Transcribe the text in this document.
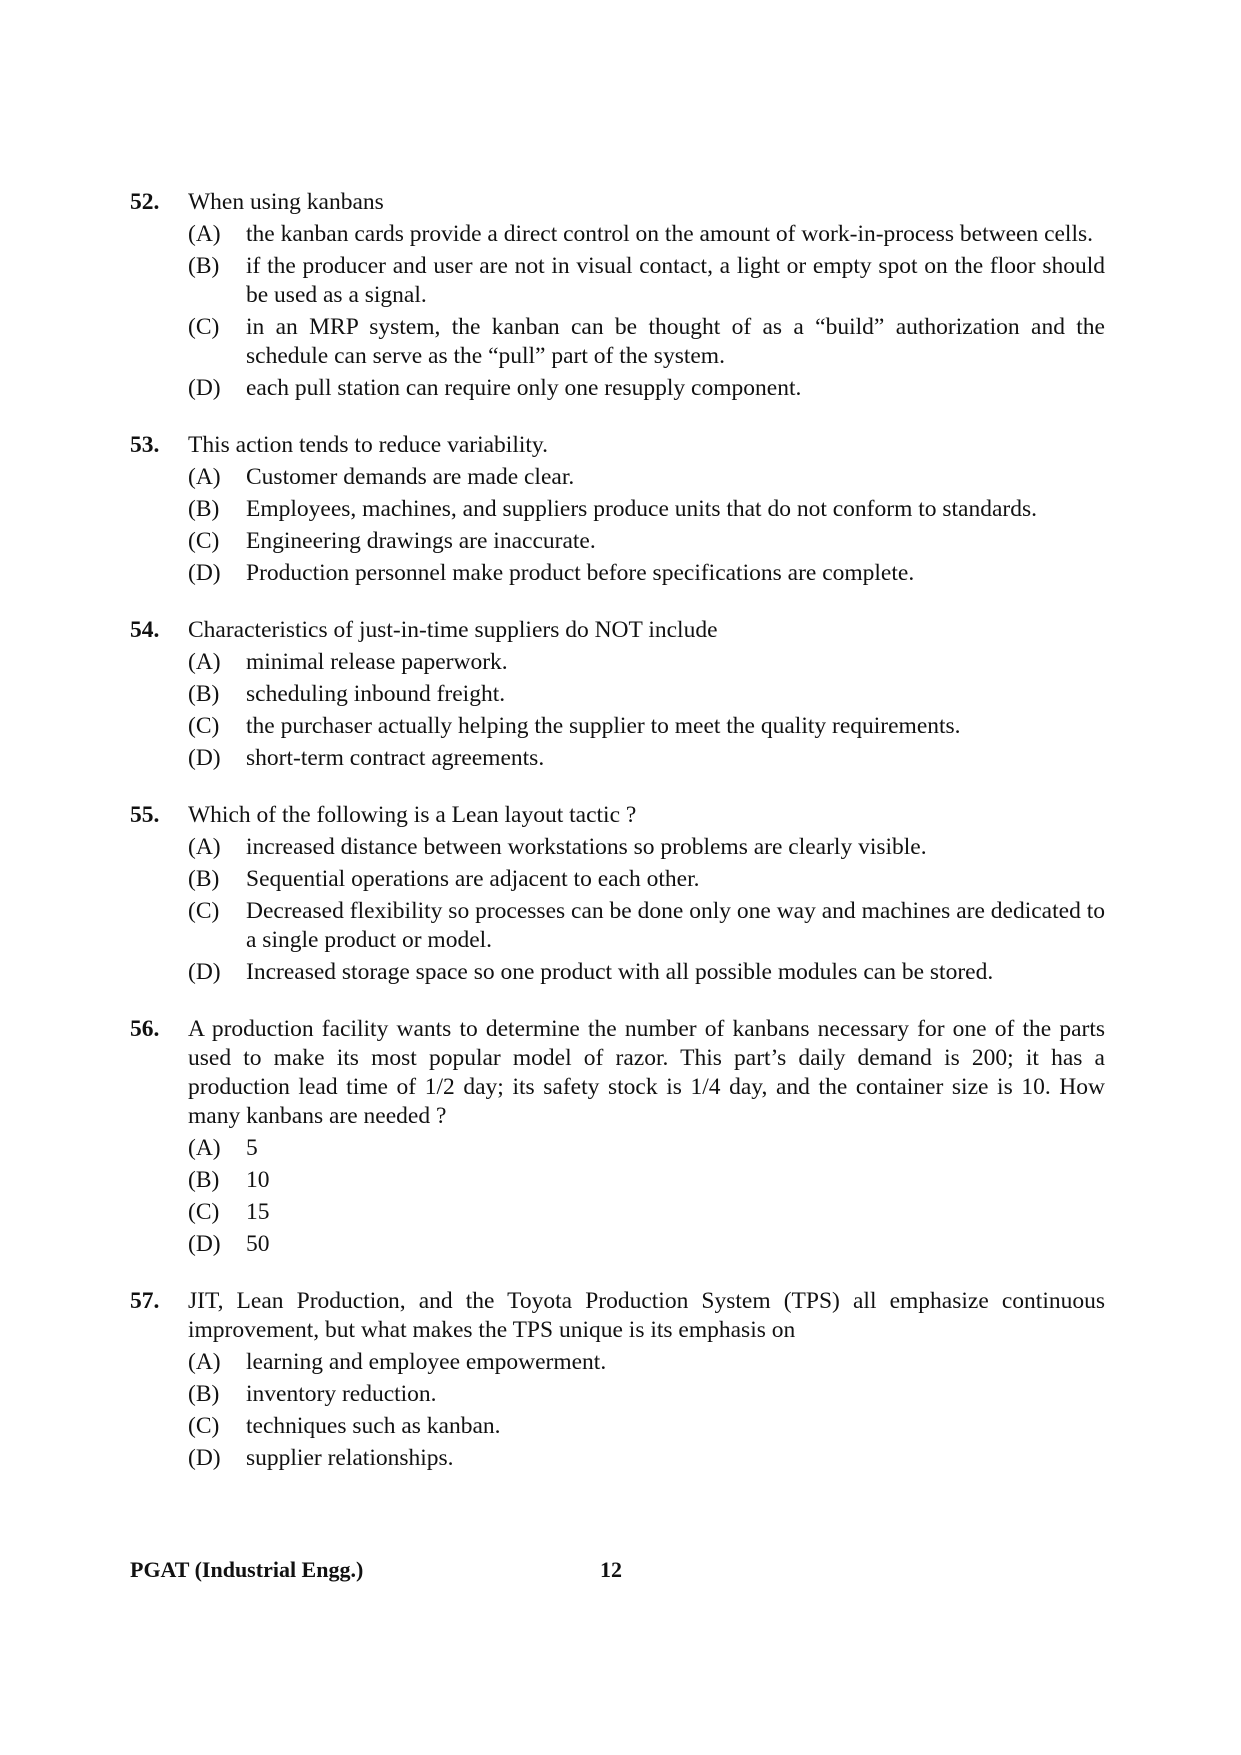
52.	When using kanbans
(A)	the kanban cards provide a direct control on the amount of work-in-process between cells.
(B)	if the producer and user are not in visual contact, a light or empty spot on the floor should be used as a signal.
(C)	in an MRP system, the kanban can be thought of as a “build” authorization and the schedule can serve as the “pull” part of the system.
(D)	each pull station can require only one resupply component.
53.	This action tends to reduce variability.
(A)	Customer demands are made clear.
(B)	Employees, machines, and suppliers produce units that do not conform to standards.
(C)	Engineering drawings are inaccurate.
(D)	Production personnel make product before specifications are complete.
54.	Characteristics of just-in-time suppliers do NOT include
(A)	minimal release paperwork.
(B)	scheduling inbound freight.
(C)	the purchaser actually helping the supplier to meet the quality requirements.
(D)	short-term contract agreements.
55.	Which of the following is a Lean layout tactic ?
(A)	increased distance between workstations so problems are clearly visible.
(B)	Sequential operations are adjacent to each other.
(C)	Decreased flexibility so processes can be done only one way and machines are dedicated to a single product or model.
(D)	Increased storage space so one product with all possible modules can be stored.
56.	A production facility wants to determine the number of kanbans necessary for one of the parts used to make its most popular model of razor. This part’s daily demand is 200; it has a production lead time of 1/2 day; its safety stock is 1/4 day, and the container size is 10. How many kanbans are needed ?
(A)	5
(B)	10
(C)	15
(D)	50
57.	JIT, Lean Production, and the Toyota Production System (TPS) all emphasize continuous improvement, but what makes the TPS unique is its emphasis on
(A)	learning and employee empowerment.
(B)	inventory reduction.
(C)	techniques such as kanban.
(D)	supplier relationships.
PGAT (Industrial Engg.)	12
